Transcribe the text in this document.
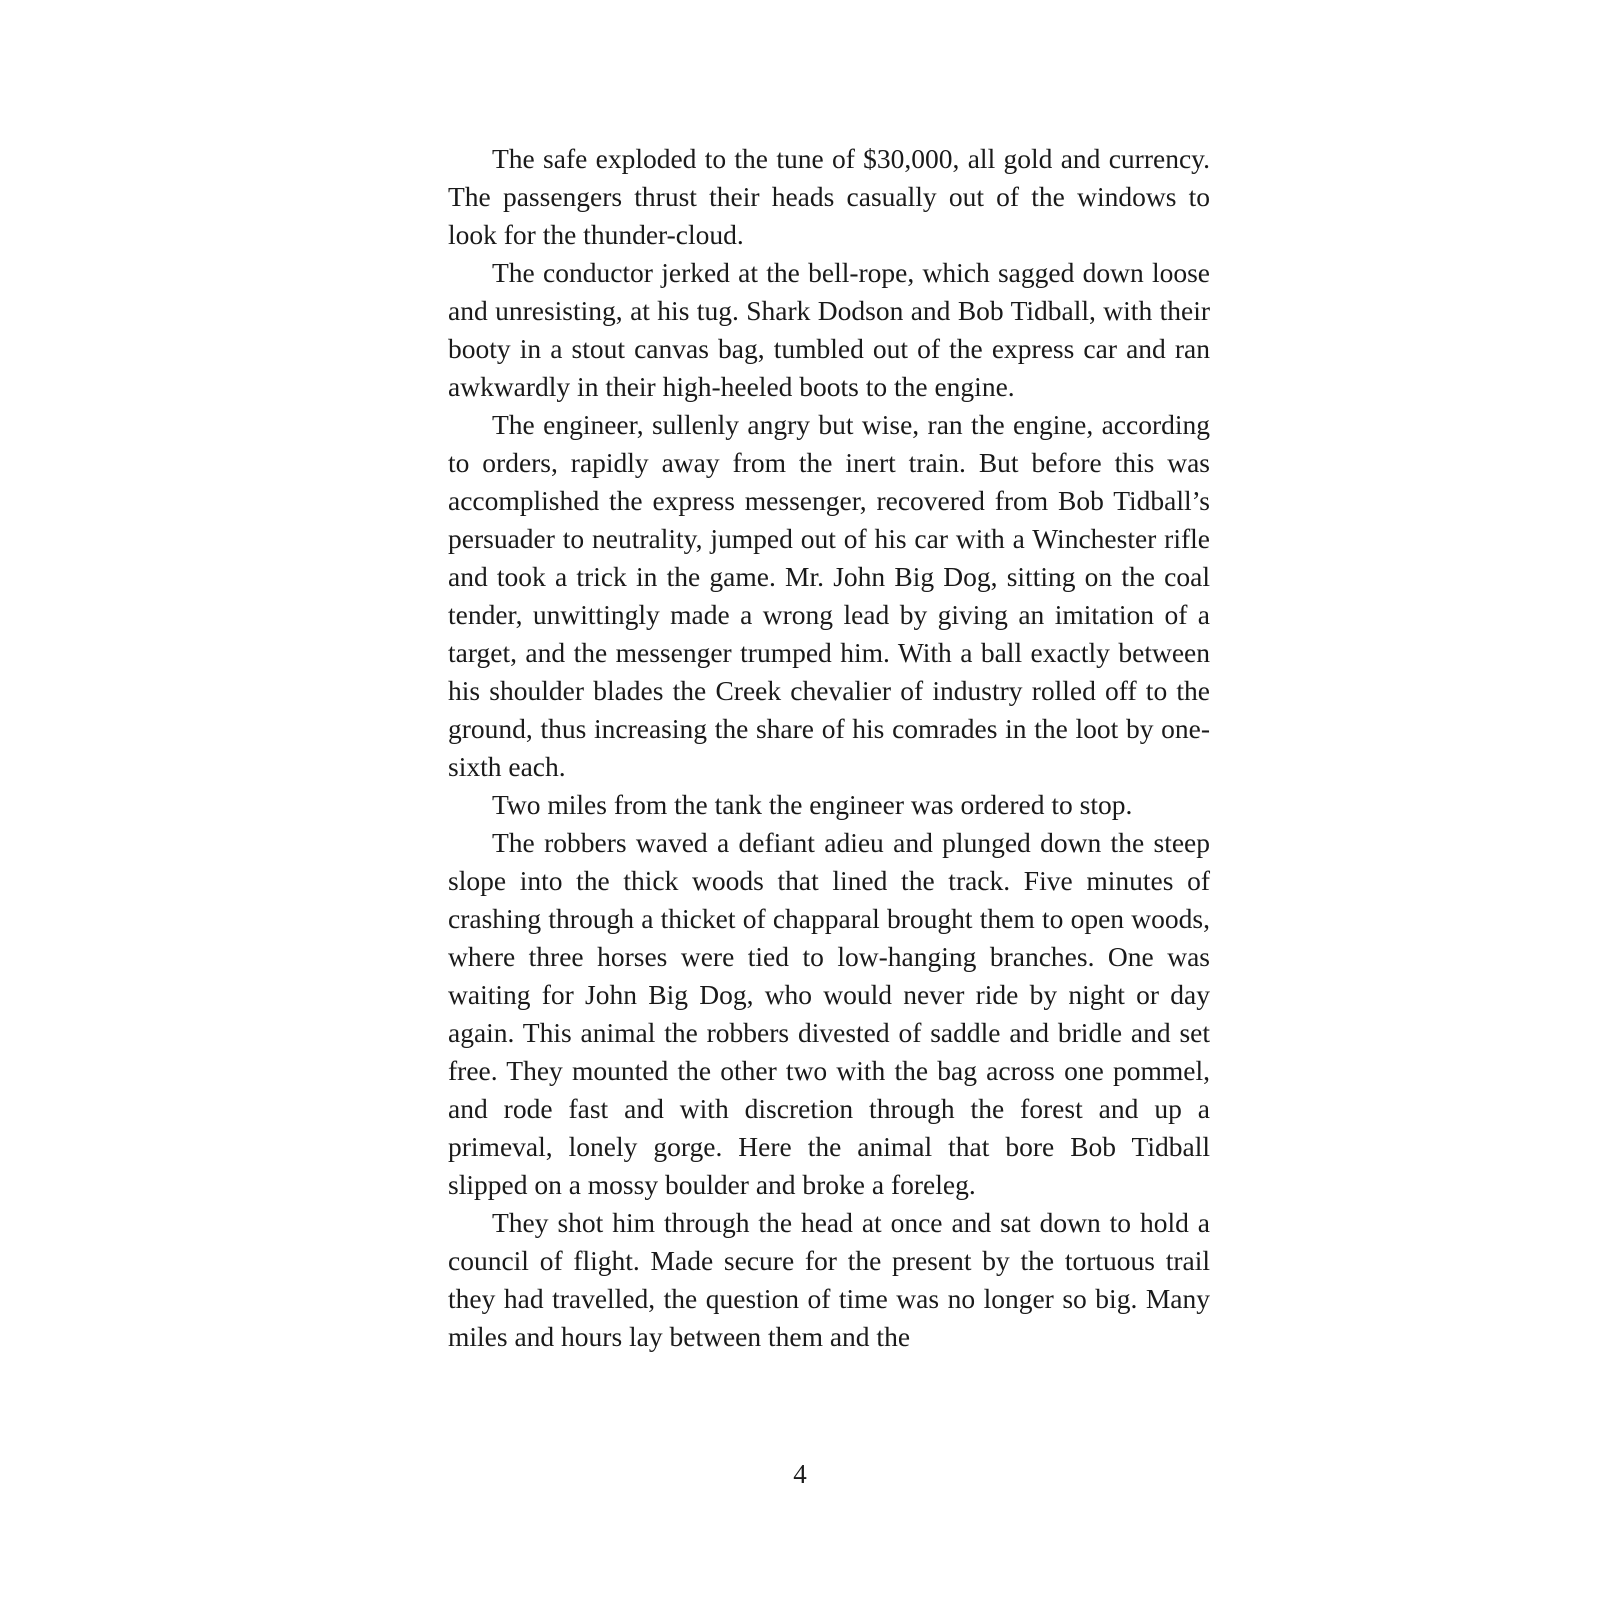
The safe exploded to the tune of $30,000, all gold and currency. The passengers thrust their heads casually out of the windows to look for the thunder-cloud.

The conductor jerked at the bell-rope, which sagged down loose and unresisting, at his tug. Shark Dodson and Bob Tidball, with their booty in a stout canvas bag, tumbled out of the express car and ran awkwardly in their high-heeled boots to the engine.

The engineer, sullenly angry but wise, ran the engine, according to orders, rapidly away from the inert train. But before this was accomplished the express messenger, recovered from Bob Tidball’s persuader to neutrality, jumped out of his car with a Winchester rifle and took a trick in the game. Mr. John Big Dog, sitting on the coal tender, unwittingly made a wrong lead by giving an imitation of a target, and the messenger trumped him. With a ball exactly between his shoulder blades the Creek chevalier of industry rolled off to the ground, thus increasing the share of his comrades in the loot by one-sixth each.

Two miles from the tank the engineer was ordered to stop.

The robbers waved a defiant adieu and plunged down the steep slope into the thick woods that lined the track. Five minutes of crashing through a thicket of chapparal brought them to open woods, where three horses were tied to low-hanging branches. One was waiting for John Big Dog, who would never ride by night or day again. This animal the robbers divested of saddle and bridle and set free. They mounted the other two with the bag across one pommel, and rode fast and with discretion through the forest and up a primeval, lonely gorge. Here the animal that bore Bob Tidball slipped on a mossy boulder and broke a foreleg.

They shot him through the head at once and sat down to hold a council of flight. Made secure for the present by the tortuous trail they had travelled, the question of time was no longer so big. Many miles and hours lay between them and the

4
